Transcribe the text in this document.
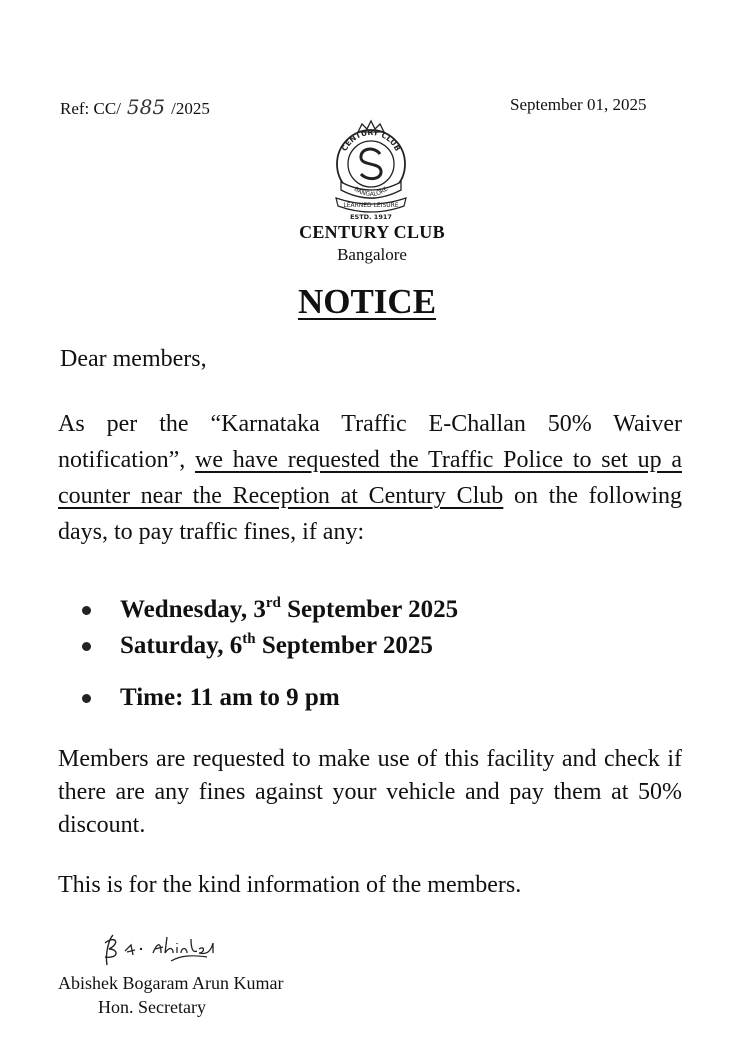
Ref: CC/ 585 /2025	September 01, 2025
CENTURY CLUB
BANGALORE
LEARNED LEISURE
ESTD. 1917
CENTURY CLUB
Bangalore
NOTICE
Dear members,
As per the “Karnataka Traffic E-Challan 50% Waiver notification”, we have requested the Traffic Police to set up a counter near the Reception at Century Club on the following days, to pay traffic fines, if any:
Wednesday, 3rd September 2025
Saturday, 6th September 2025
Time: 11 am to 9 pm
Members are requested to make use of this facility and check if there are any fines against your vehicle and pay them at 50% discount.
This is for the kind information of the members.
Abishek Bogaram Arun Kumar
Hon. Secretary
